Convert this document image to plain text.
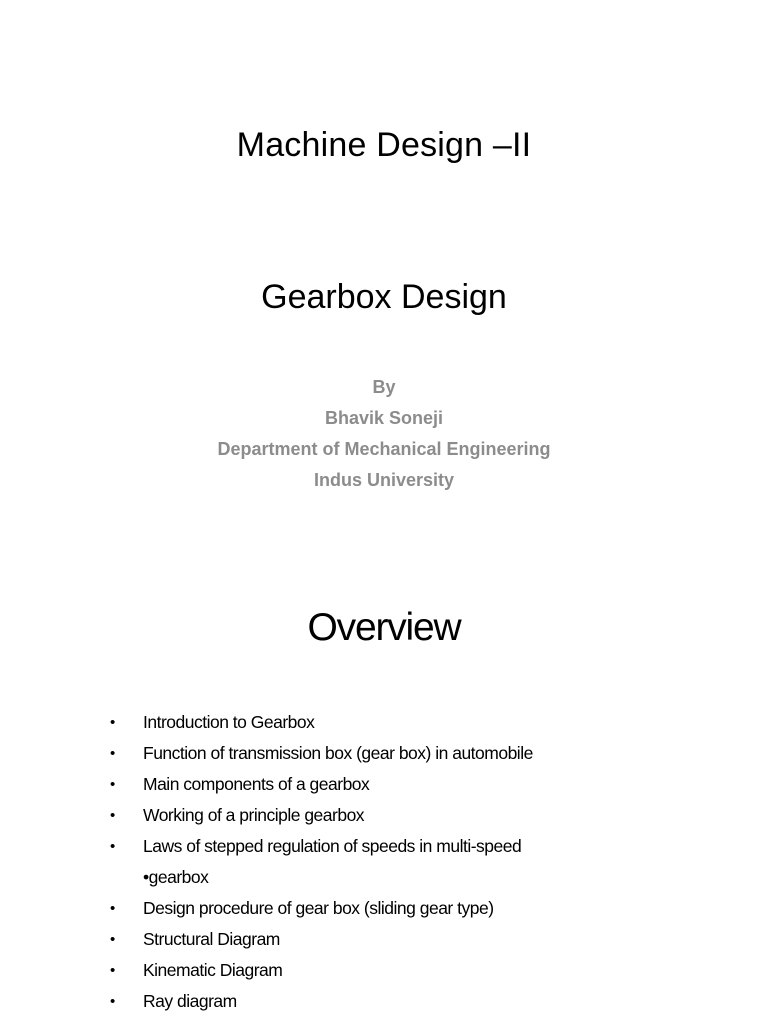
Machine Design –II
Gearbox Design
By
Bhavik Soneji
Department of Mechanical Engineering
Indus University
Overview
• Introduction to Gearbox
• Function of transmission box (gear box) in automobile
• Main components of a gearbox
• Working of a principle gearbox
• Laws of stepped regulation of speeds in multi-speed
•gearbox
• Design procedure of gear box (sliding gear type)
• Structural Diagram
• Kinematic Diagram
• Ray diagram
